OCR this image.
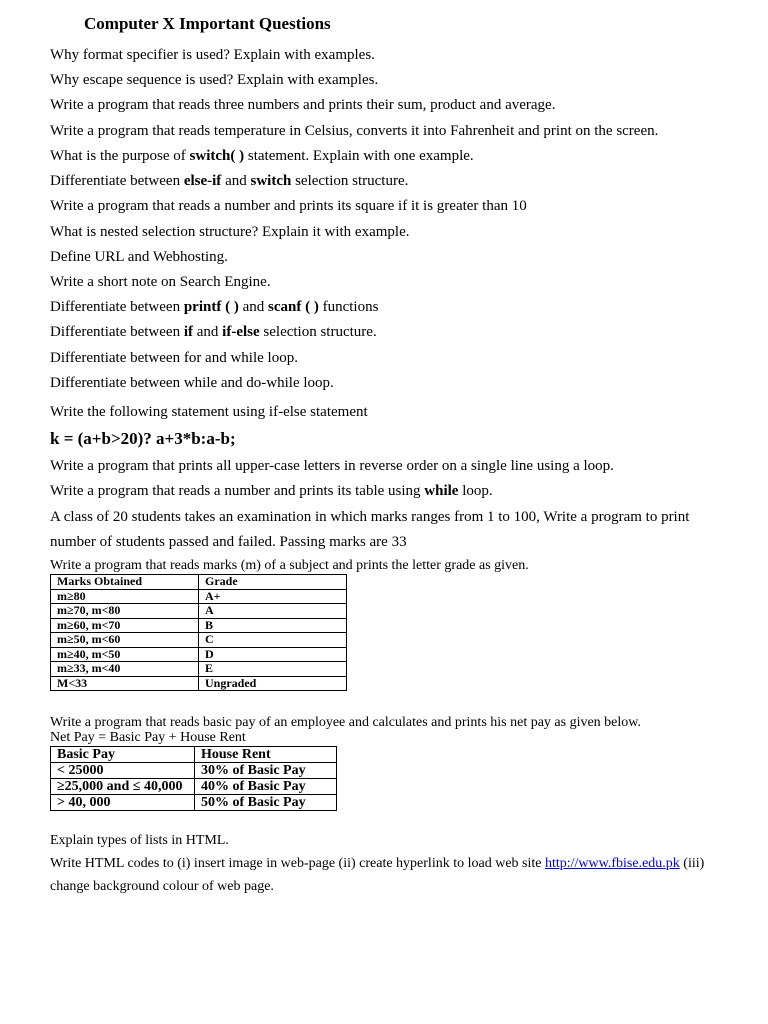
Computer X Important Questions

Why format specifier is used? Explain with examples.

Why escape sequence is used? Explain with examples.

Write a program that reads three numbers and prints their sum, product and average.

Write a program that reads temperature in Celsius, converts it into Fahrenheit and print on the screen.

What is the purpose of switch( ) statement. Explain with one example.

Differentiate between else-if and switch selection structure.

Write a program that reads a number and prints its square if it is greater than 10

What is nested selection structure? Explain it with example.

Define URL and Webhosting.

Write a short note on Search Engine.

Differentiate between printf ( ) and scanf ( ) functions

Differentiate between if and if-else selection structure.

Differentiate between for and while loop.

Differentiate between while and do-while loop.

Write the following statement using if-else statement

k = (a+b>20)? a+3*b:a-b;

Write a program that prints all upper-case letters in reverse order on a single line using a loop.

Write a program that reads a number and prints its table using while loop.

A class of 20 students takes an examination in which marks ranges from 1 to 100, Write a program to print number of students passed and failed. Passing marks are 33

Write a program that reads marks (m) of a subject and prints the letter grade as given.

Marks Obtained	Grade
m≥80	A+
m≥70, m<80	A
m≥60, m<70	B
m≥50, m<60	C
m≥40, m<50	D
m≥33, m<40	E
M<33	Ungraded

Write a program that reads basic pay of an employee and calculates and prints his net pay as given below.

Net Pay = Basic Pay + House Rent

Basic Pay	House Rent
< 25000	30% of Basic Pay
≥25,000 and ≤ 40,000	40% of Basic Pay
> 40, 000	50% of Basic Pay

Explain types of lists in HTML.

Write HTML codes to (i) insert image in web-page (ii) create hyperlink to load web site http://www.fbise.edu.pk (iii) change background colour of web page.
